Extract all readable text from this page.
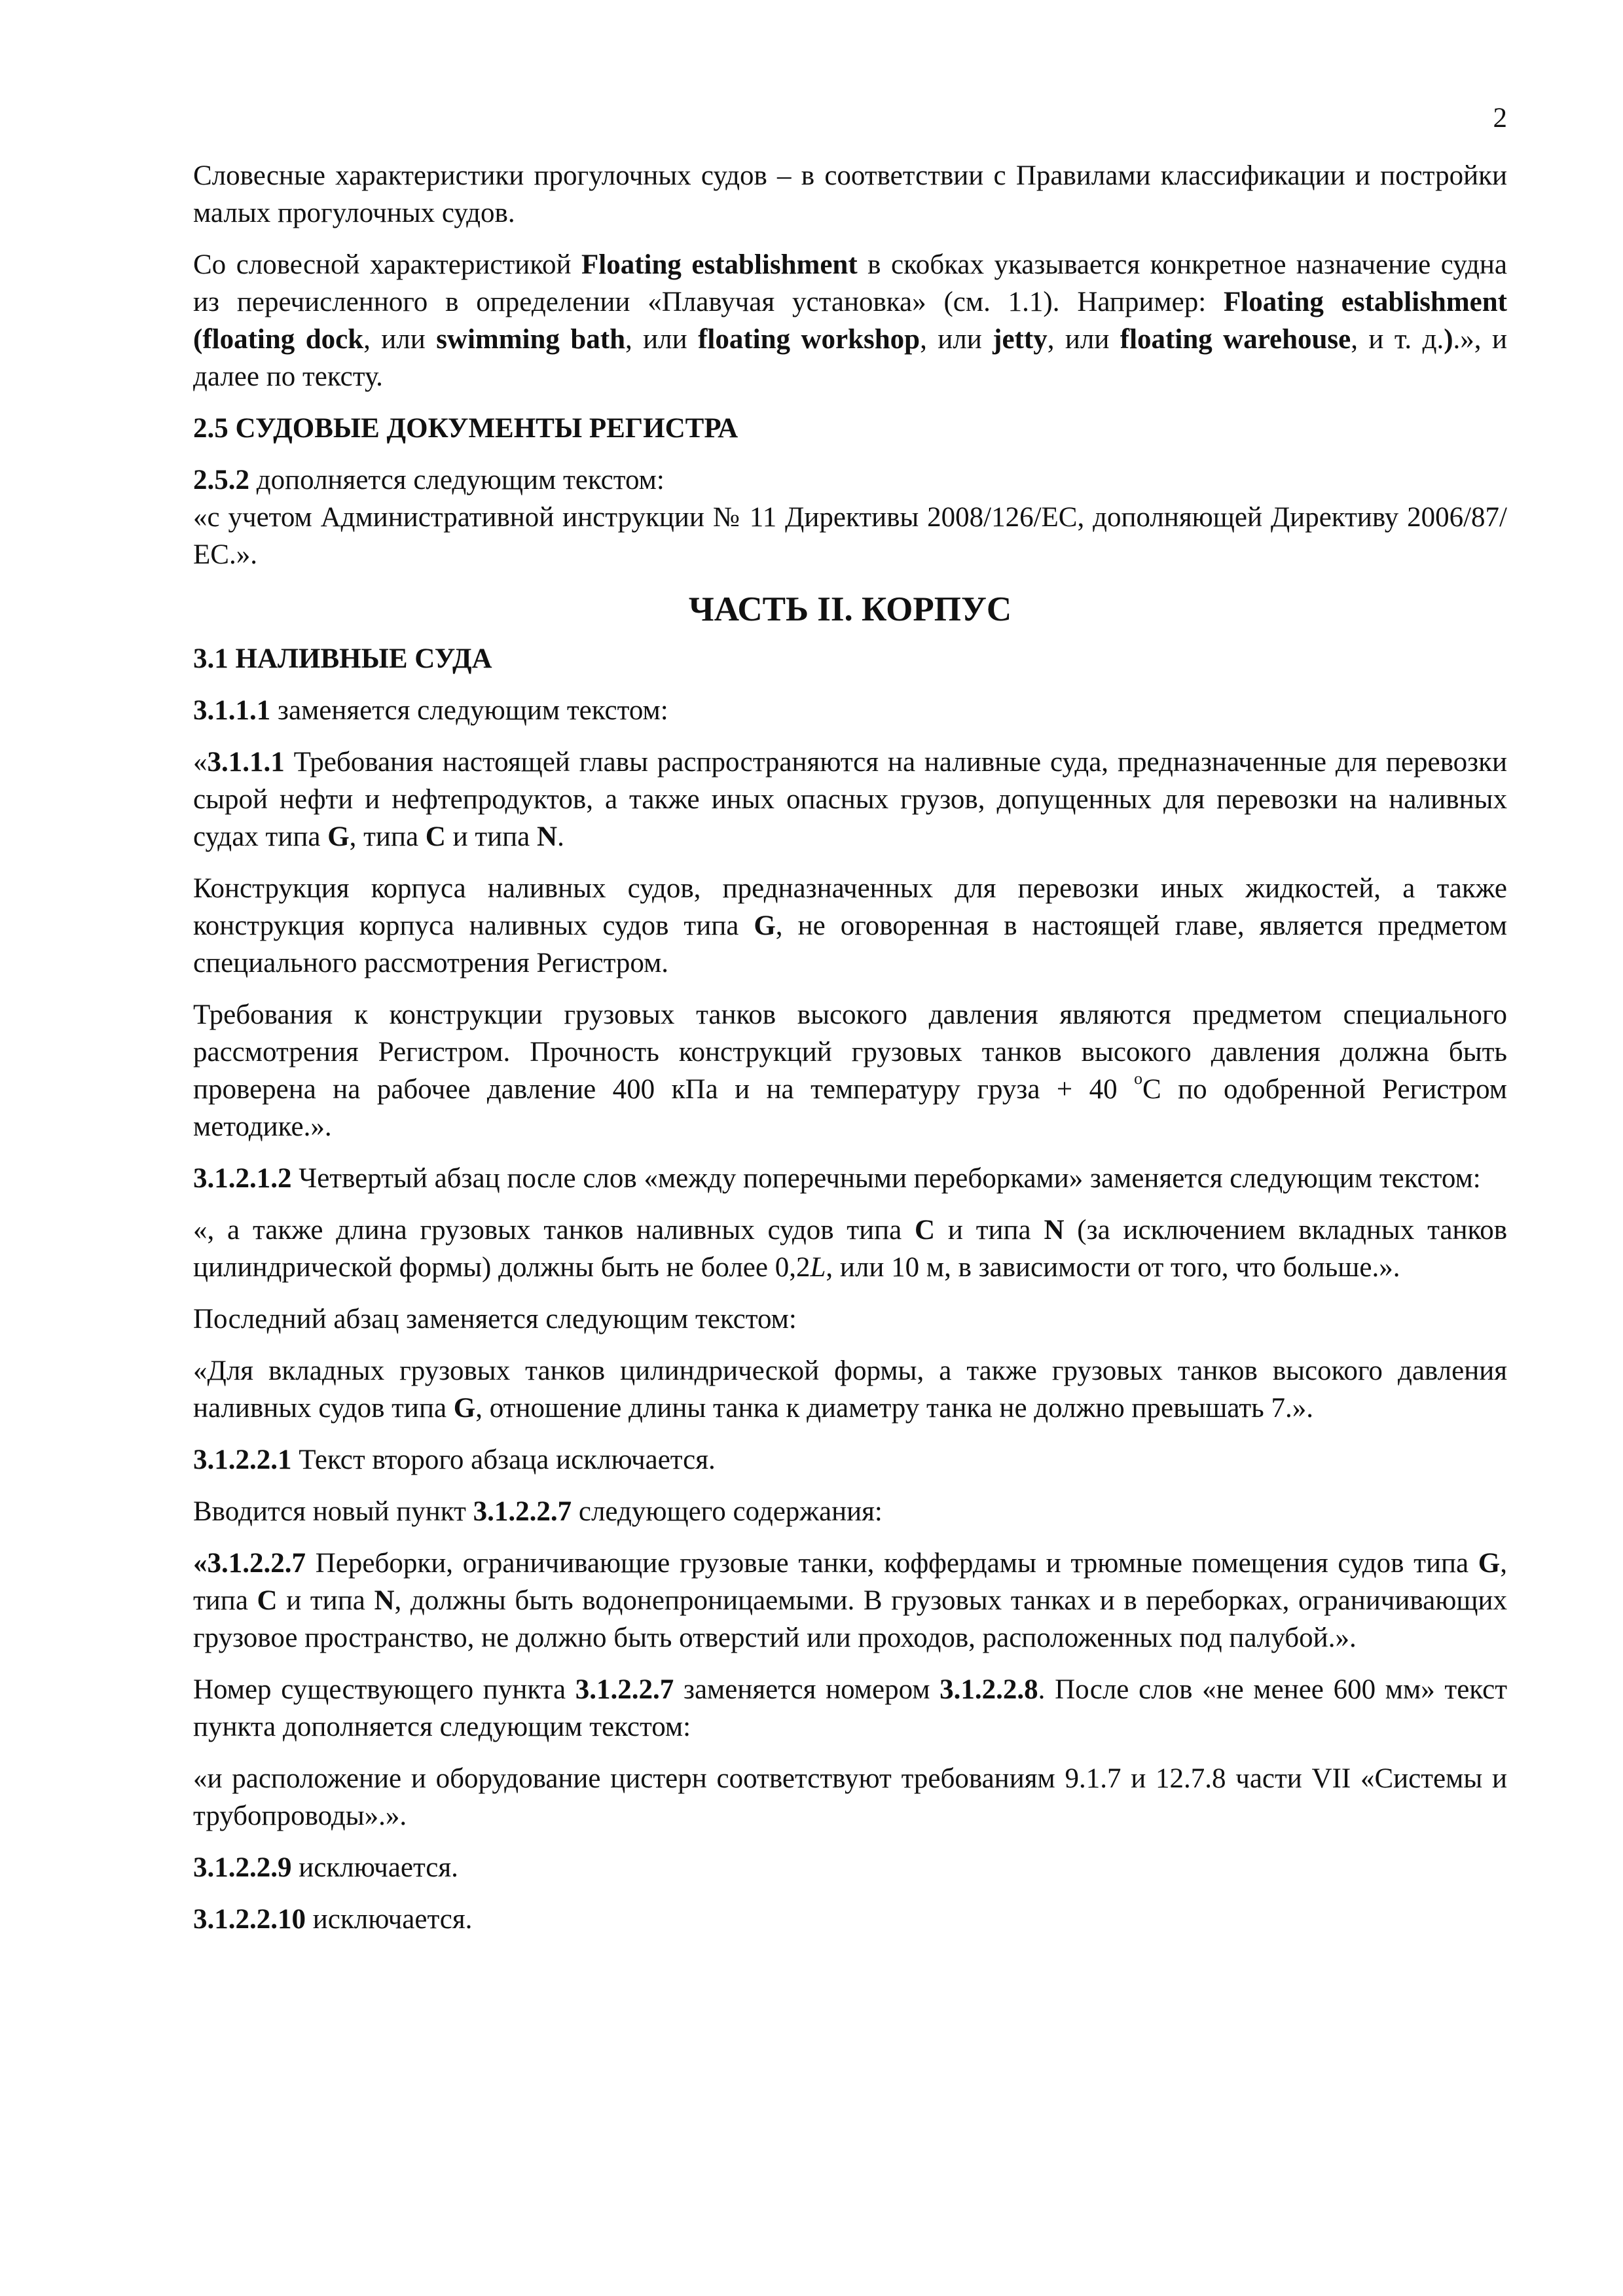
2

Словесные характеристики прогулочных судов – в соответствии с Правилами классификации и постройки малых прогулочных судов.

Со словесной характеристикой Floating establishment в скобках указывается конкретное назначение судна из перечисленного в определении «Плавучая установка» (см. 1.1). Например: Floating establishment (floating dock, или swimming bath, или floating workshop, или jetty, или floating warehouse, и т. д.).», и далее по тексту.

2.5 СУДОВЫЕ ДОКУМЕНТЫ РЕГИСТРА

2.5.2 дополняется следующим текстом:

«с учетом Административной инструкции № 11 Директивы 2008/126/ЕС, дополняющей Директиву 2006/87/ЕС.».

ЧАСТЬ II. КОРПУС
3.1 НАЛИВНЫЕ СУДА

3.1.1.1 заменяется следующим текстом:

«3.1.1.1 Требования настоящей главы распространяются на наливные суда, предназначенные для перевозки сырой нефти и нефтепродуктов, а также иных опасных грузов, допущенных для перевозки на наливных судах типа G, типа C и типа N.

Конструкция корпуса наливных судов, предназначенных для перевозки иных жидкостей, а также конструкция корпуса наливных судов типа G, не оговоренная в настоящей главе, является предметом специального рассмотрения Регистром.

Требования к конструкции грузовых танков высокого давления являются предметом специального рассмотрения Регистром. Прочность конструкций грузовых танков высокого давления должна быть проверена на рабочее давление 400 кПа и на температуру груза + 40 $^о$С по одобренной Регистром методике.».

3.1.2.1.2 Четвертый абзац после слов «между поперечными переборками» заменяется следующим текстом:

«, а также длина грузовых танков наливных судов типа C и типа N (за исключением вкладных танков цилиндрической формы) должны быть не более 0,2L, или 10 м, в зависимости от того, что больше.».

Последний абзац заменяется следующим текстом:

«Для вкладных грузовых танков цилиндрической формы, а также грузовых танков высокого давления наливных судов типа G, отношение длины танка к диаметру танка не должно превышать 7.».

3.1.2.2.1 Текст второго абзаца исключается.

Вводится новый пункт 3.1.2.2.7 следующего содержания:

«3.1.2.2.7 Переборки, ограничивающие грузовые танки, коффердамы и трюмные помещения судов типа G, типа C и типа N, должны быть водонепроницаемыми. В грузовых танках и в переборках, ограничивающих грузовое пространство, не должно быть отверстий или проходов, расположенных под палубой.».

Номер существующего пункта 3.1.2.2.7 заменяется номером 3.1.2.2.8. После слов «не менее 600 мм» текст пункта дополняется следующим текстом:

«и расположение и оборудование цистерн соответствуют требованиям 9.1.7 и 12.7.8 части VII «Системы и трубопроводы».».

3.1.2.2.9 исключается.

3.1.2.2.10 исключается.
